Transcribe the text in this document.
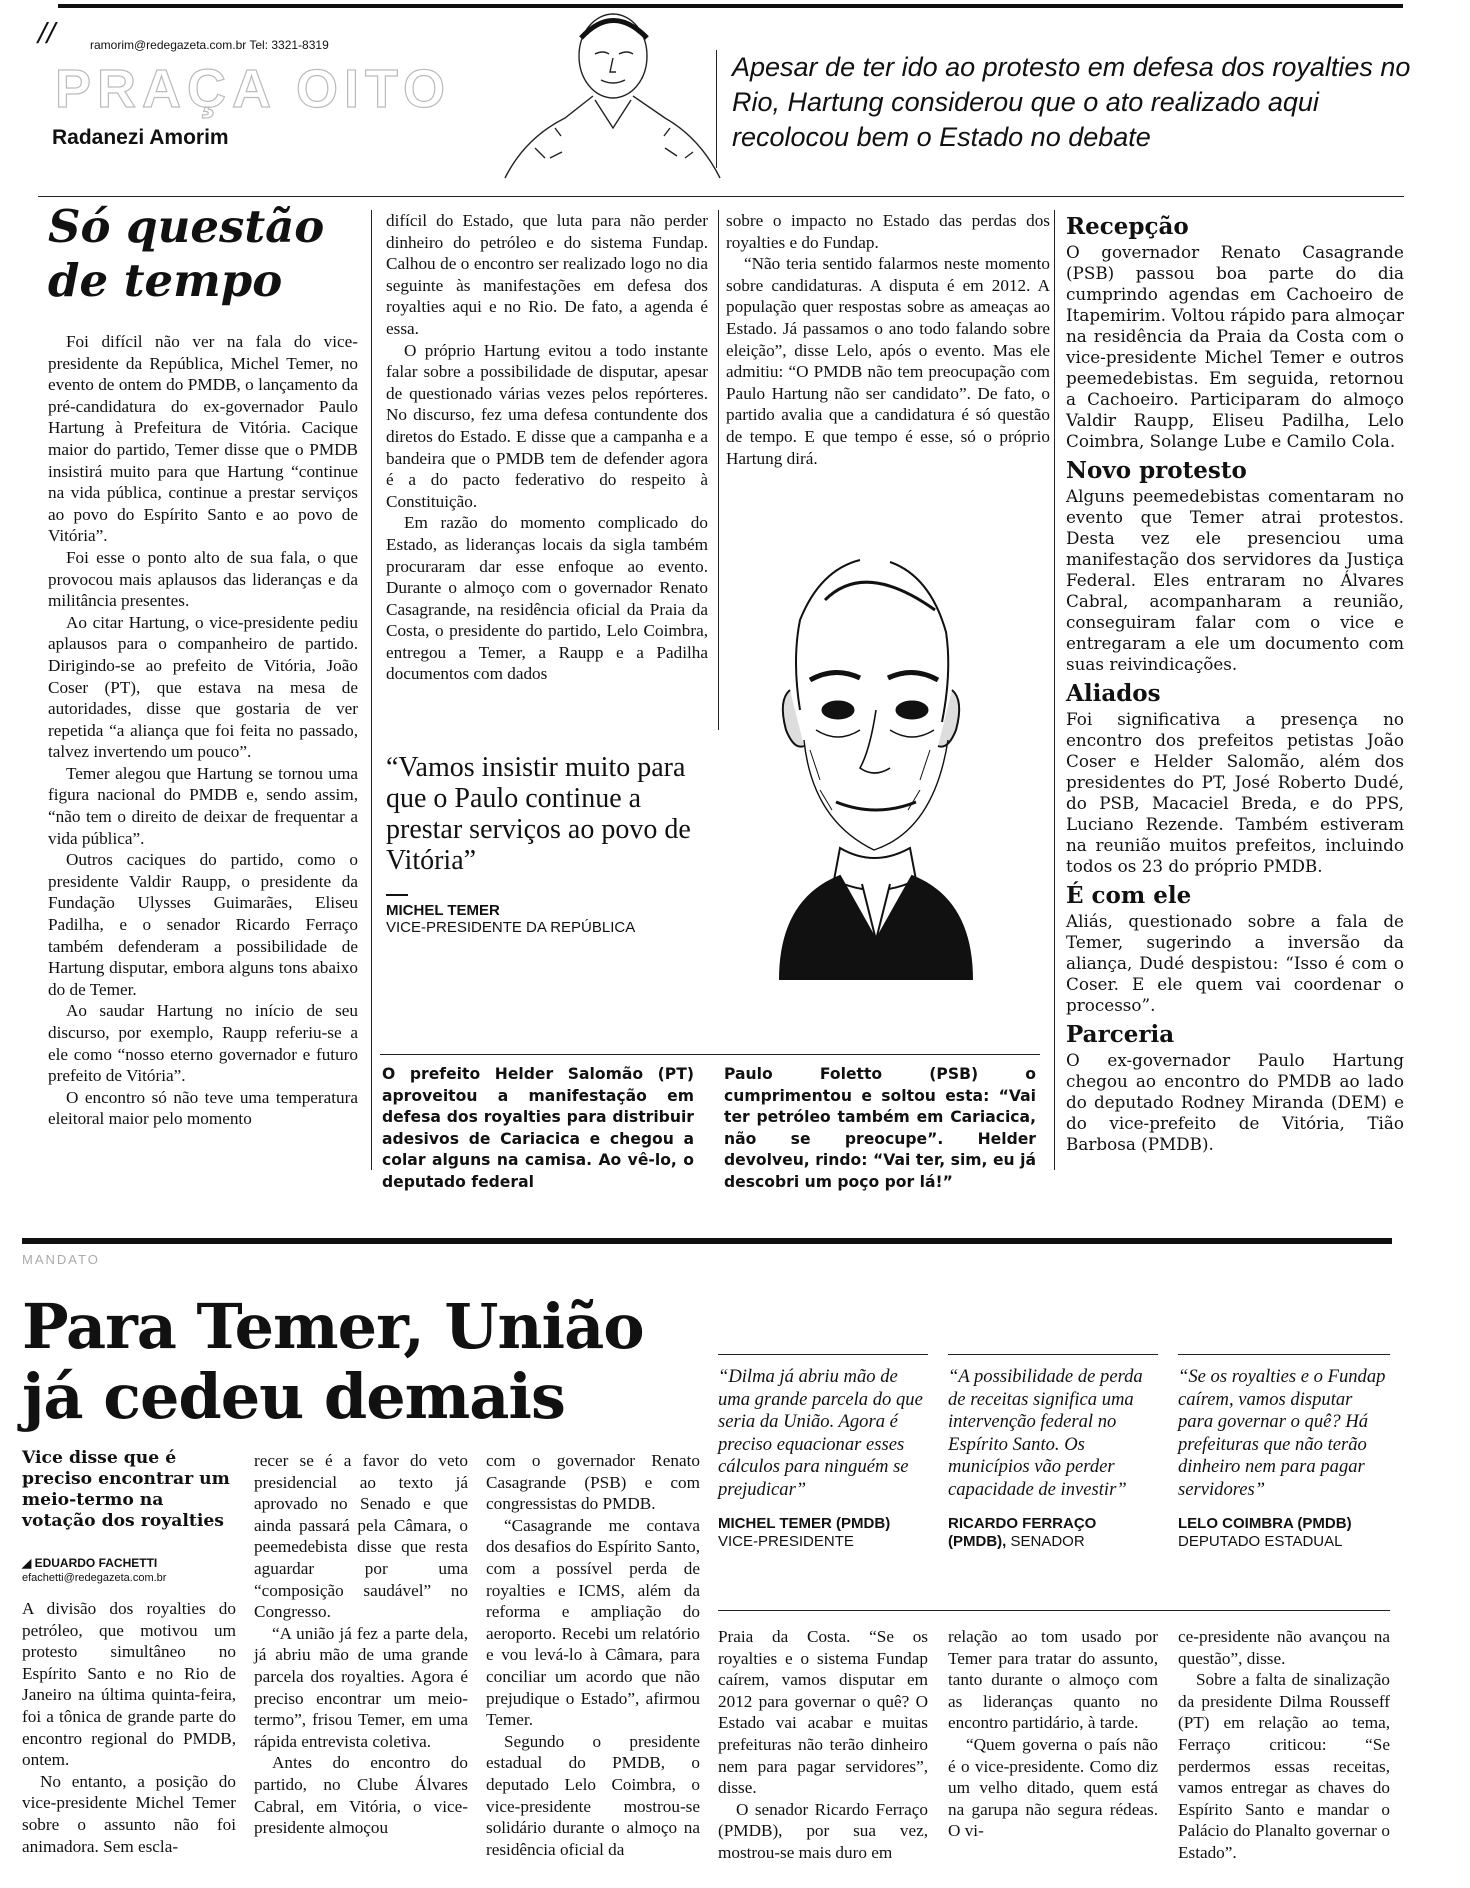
//	ramorim@redegazeta.com.br Tel: 3321-8319
PRAÇA OITO
Radanezi Amorim
Apesar de ter ido ao protesto em defesa dos royalties no Rio, Hartung considerou que o ato realizado aqui recolocou bem o Estado no debate
Só questão
de tempo

Foi difícil não ver na fala do vice-presidente da República, Michel Temer, no evento de ontem do PMDB, o lançamento da pré-candidatura do ex-governador Paulo Hartung à Prefeitura de Vitória. Cacique maior do partido, Temer disse que o PMDB insistirá muito para que Hartung “continue na vida pública, continue a prestar serviços ao povo do Espírito Santo e ao povo de Vitória”.

Foi esse o ponto alto de sua fala, o que provocou mais aplausos das lideranças e da militância presentes.

Ao citar Hartung, o vice-presidente pediu aplausos para o companheiro de partido. Dirigindo-se ao prefeito de Vitória, João Coser (PT), que estava na mesa de autoridades, disse que gostaria de ver repetida “a aliança que foi feita no passado, talvez invertendo um pouco”.

Temer alegou que Hartung se tornou uma figura nacional do PMDB e, sendo assim, “não tem o direito de deixar de frequentar a vida pública”.

Outros caciques do partido, como o presidente Valdir Raupp, o presidente da Fundação Ulysses Guimarães, Eliseu Padilha, e o senador Ricardo Ferraço também defenderam a possibilidade de Hartung disputar, embora alguns tons abaixo do de Temer.

Ao saudar Hartung no início de seu discurso, por exemplo, Raupp referiu-se a ele como “nosso eterno governador e futuro prefeito de Vitória”.

O encontro só não teve uma temperatura eleitoral maior pelo momento

difícil do Estado, que luta para não perder dinheiro do petróleo e do sistema Fundap. Calhou de o encontro ser realizado logo no dia seguinte às manifestações em defesa dos royalties aqui e no Rio. De fato, a agenda é essa.

O próprio Hartung evitou a todo instante falar sobre a possibilidade de disputar, apesar de questionado várias vezes pelos repórteres. No discurso, fez uma defesa contundente dos diretos do Estado. E disse que a campanha e a bandeira que o PMDB tem de defender agora é a do pacto federativo do respeito à Constituição.

Em razão do momento complicado do Estado, as lideranças locais da sigla também procuraram dar esse enfoque ao evento. Durante o almoço com o governador Renato Casagrande, na residência oficial da Praia da Costa, o presidente do partido, Lelo Coimbra, entregou a Temer, a Raupp e a Padilha documentos com dados

sobre o impacto no Estado das perdas dos royalties e do Fundap.

“Não teria sentido falarmos neste momento sobre candidaturas. A disputa é em 2012. A população quer respostas sobre as ameaças ao Estado. Já passamos o ano todo falando sobre eleição”, disse Lelo, após o evento. Mas ele admitiu: “O PMDB não tem preocupação com Paulo Hartung não ser candidato”. De fato, o partido avalia que a candidatura é só questão de tempo. E que tempo é esse, só o próprio Hartung dirá.

“Vamos insistir muito para que o Paulo continue a prestar serviços ao povo de Vitória”
MICHEL TEMER
VICE-PRESIDENTE DA REPÚBLICA
O prefeito Helder Salomão (PT) aproveitou a manifestação em defesa dos royalties para distribuir adesivos de Cariacica e chegou a colar alguns na camisa. Ao vê-lo, o deputado federal
Paulo Foletto (PSB) o cumprimentou e soltou esta: “Vai ter petróleo também em Cariacica, não se preocupe”. Helder devolveu, rindo: “Vai ter, sim, eu já descobri um poço por lá!”
Recepção

O governador Renato Casagrande (PSB) passou boa parte do dia cumprindo agendas em Cachoeiro de Itapemirim. Voltou rápido para almoçar na residência da Praia da Costa com o vice-presidente Michel Temer e outros peemedebistas. Em seguida, retornou a Cachoeiro. Participaram do almoço Valdir Raupp, Eliseu Padilha, Lelo Coimbra, Solange Lube e Camilo Cola.

Novo protesto

Alguns peemedebistas comentaram no evento que Temer atrai protestos. Desta vez ele presenciou uma manifestação dos servidores da Justiça Federal. Eles entraram no Álvares Cabral, acompanharam a reunião, conseguiram falar com o vice e entregaram a ele um documento com suas reivindicações.

Aliados

Foi significativa a presença no encontro dos prefeitos petistas João Coser e Helder Salomão, além dos presidentes do PT, José Roberto Dudé, do PSB, Macaciel Breda, e do PPS, Luciano Rezende. Também estiveram na reunião muitos prefeitos, incluindo todos os 23 do próprio PMDB.

É com ele

Aliás, questionado sobre a fala de Temer, sugerindo a inversão da aliança, Dudé despistou: “Isso é com o Coser. E ele quem vai coordenar o processo”.

Parceria

O ex-governador Paulo Hartung chegou ao encontro do PMDB ao lado do deputado Rodney Miranda (DEM) e do vice-prefeito de Vitória, Tião Barbosa (PMDB).

MANDATO
Para Temer, União
já cedeu demais
Vice disse que é preciso encontrar um meio-termo na votação dos royalties
◢ EDUARDO FACHETTI
efachetti@redegazeta.com.br

A divisão dos royalties do petróleo, que motivou um protesto simultâneo no Espírito Santo e no Rio de Janeiro na última quinta-feira, foi a tônica de grande parte do encontro regional do PMDB, ontem.

No entanto, a posição do vice-presidente Michel Temer sobre o assunto não foi animadora. Sem escla-

recer se é a favor do veto presidencial ao texto já aprovado no Senado e que ainda passará pela Câmara, o peemedebista disse que resta aguardar por uma “composição saudável” no Congresso.

“A união já fez a parte dela, já abriu mão de uma grande parcela dos royalties. Agora é preciso encontrar um meio-termo”, frisou Temer, em uma rápida entrevista coletiva.

Antes do encontro do partido, no Clube Álvares Cabral, em Vitória, o vice-presidente almoçou

com o governador Renato Casagrande (PSB) e com congressistas do PMDB.

“Casagrande me contava dos desafios do Espírito Santo, com a possível perda de royalties e ICMS, além da reforma e ampliação do aeroporto. Recebi um relatório e vou levá-lo à Câmara, para conciliar um acordo que não prejudique o Estado”, afirmou Temer.

Segundo o presidente estadual do PMDB, o deputado Lelo Coimbra, o vice-presidente mostrou-se solidário durante o almoço na residência oficial da

“Dilma já abriu mão de uma grande parcela do que seria da União. Agora é preciso equacionar esses cálculos para ninguém se prejudicar”
MICHEL TEMER (PMDB)
VICE-PRESIDENTE
“A possibilidade de perda de receitas significa uma intervenção federal no Espírito Santo. Os municípios vão perder capacidade de investir”
RICARDO FERRAÇO
(PMDB), SENADOR
“Se os royalties e o Fundap caírem, vamos disputar para governar o quê? Há prefeituras que não terão dinheiro nem para pagar servidores”
LELO COIMBRA (PMDB)
DEPUTADO ESTADUAL

Praia da Costa. “Se os royalties e o sistema Fundap caírem, vamos disputar em 2012 para governar o quê? O Estado vai acabar e muitas prefeituras não terão dinheiro nem para pagar servidores”, disse.

O senador Ricardo Ferraço (PMDB), por sua vez, mostrou-se mais duro em

relação ao tom usado por Temer para tratar do assunto, tanto durante o almoço com as lideranças quanto no encontro partidário, à tarde.

“Quem governa o país não é o vice-presidente. Como diz um velho ditado, quem está na garupa não segura rédeas. O vi-

ce-presidente não avançou na questão”, disse.

Sobre a falta de sinalização da presidente Dilma Rousseff (PT) em relação ao tema, Ferraço criticou: “Se perdermos essas receitas, vamos entregar as chaves do Espírito Santo e mandar o Palácio do Planalto governar o Estado”.
